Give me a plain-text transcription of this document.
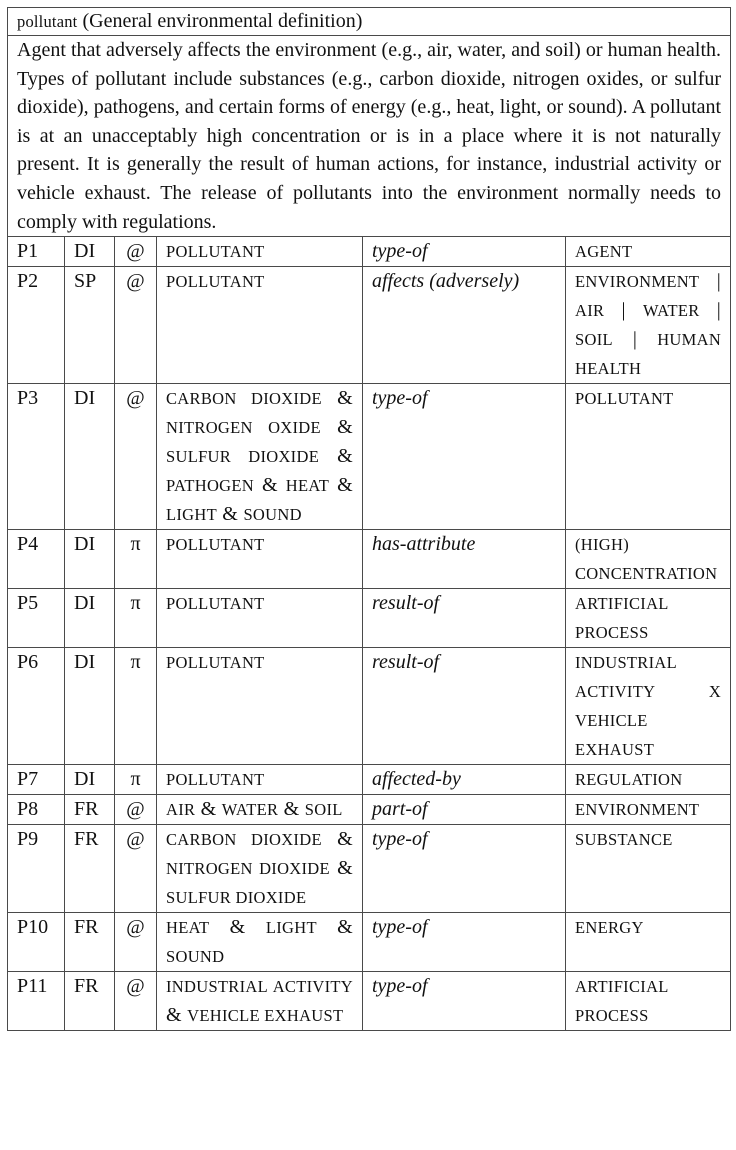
pollutant (General environmental definition)					
Agent that adversely affects the environment (e.g., air, water, and soil) or human health. Types of pollutant include substances (e.g., carbon dioxide, nitrogen oxides, or sulfur dioxide), pathogens, and certain forms of energy (e.g., heat, light, or sound). A pollutant is at an unacceptably high concentration or is in a place where it is not naturally present. It is generally the result of human actions, for instance, industrial activity or vehicle exhaust. The release of pollutants into the environment normally needs to comply with regulations.					
P1	DI	@	POLLUTANT	type-of	AGENT
P2	SP	@	POLLUTANT	affects (adversely)	ENVIRONMENT | AIR | WATER | SOIL | HUMAN HEALTH
P3	DI	@	CARBON DIOXIDE & NITROGEN OXIDE & SULFUR DIOXIDE & PATHOGEN & HEAT & LIGHT & SOUND	type-of	POLLUTANT
P4	DI	π	POLLUTANT	has-attribute	(HIGH) CONCENTRATION
P5	DI	π	POLLUTANT	result-of	ARTIFICIAL PROCESS
P6	DI	π	POLLUTANT	result-of	INDUSTRIAL ACTIVITY X VEHICLE EXHAUST
P7	DI	π	POLLUTANT	affected-by	REGULATION
P8	FR	@	AIR & WATER & SOIL	part-of	ENVIRONMENT
P9	FR	@	CARBON DIOXIDE & NITROGEN DIOXIDE & SULFUR DIOXIDE	type-of	SUBSTANCE
P10	FR	@	HEAT & LIGHT & SOUND	type-of	ENERGY
P11	FR	@	INDUSTRIAL ACTIVITY & VEHICLE EXHAUST	type-of	ARTIFICIAL PROCESS
